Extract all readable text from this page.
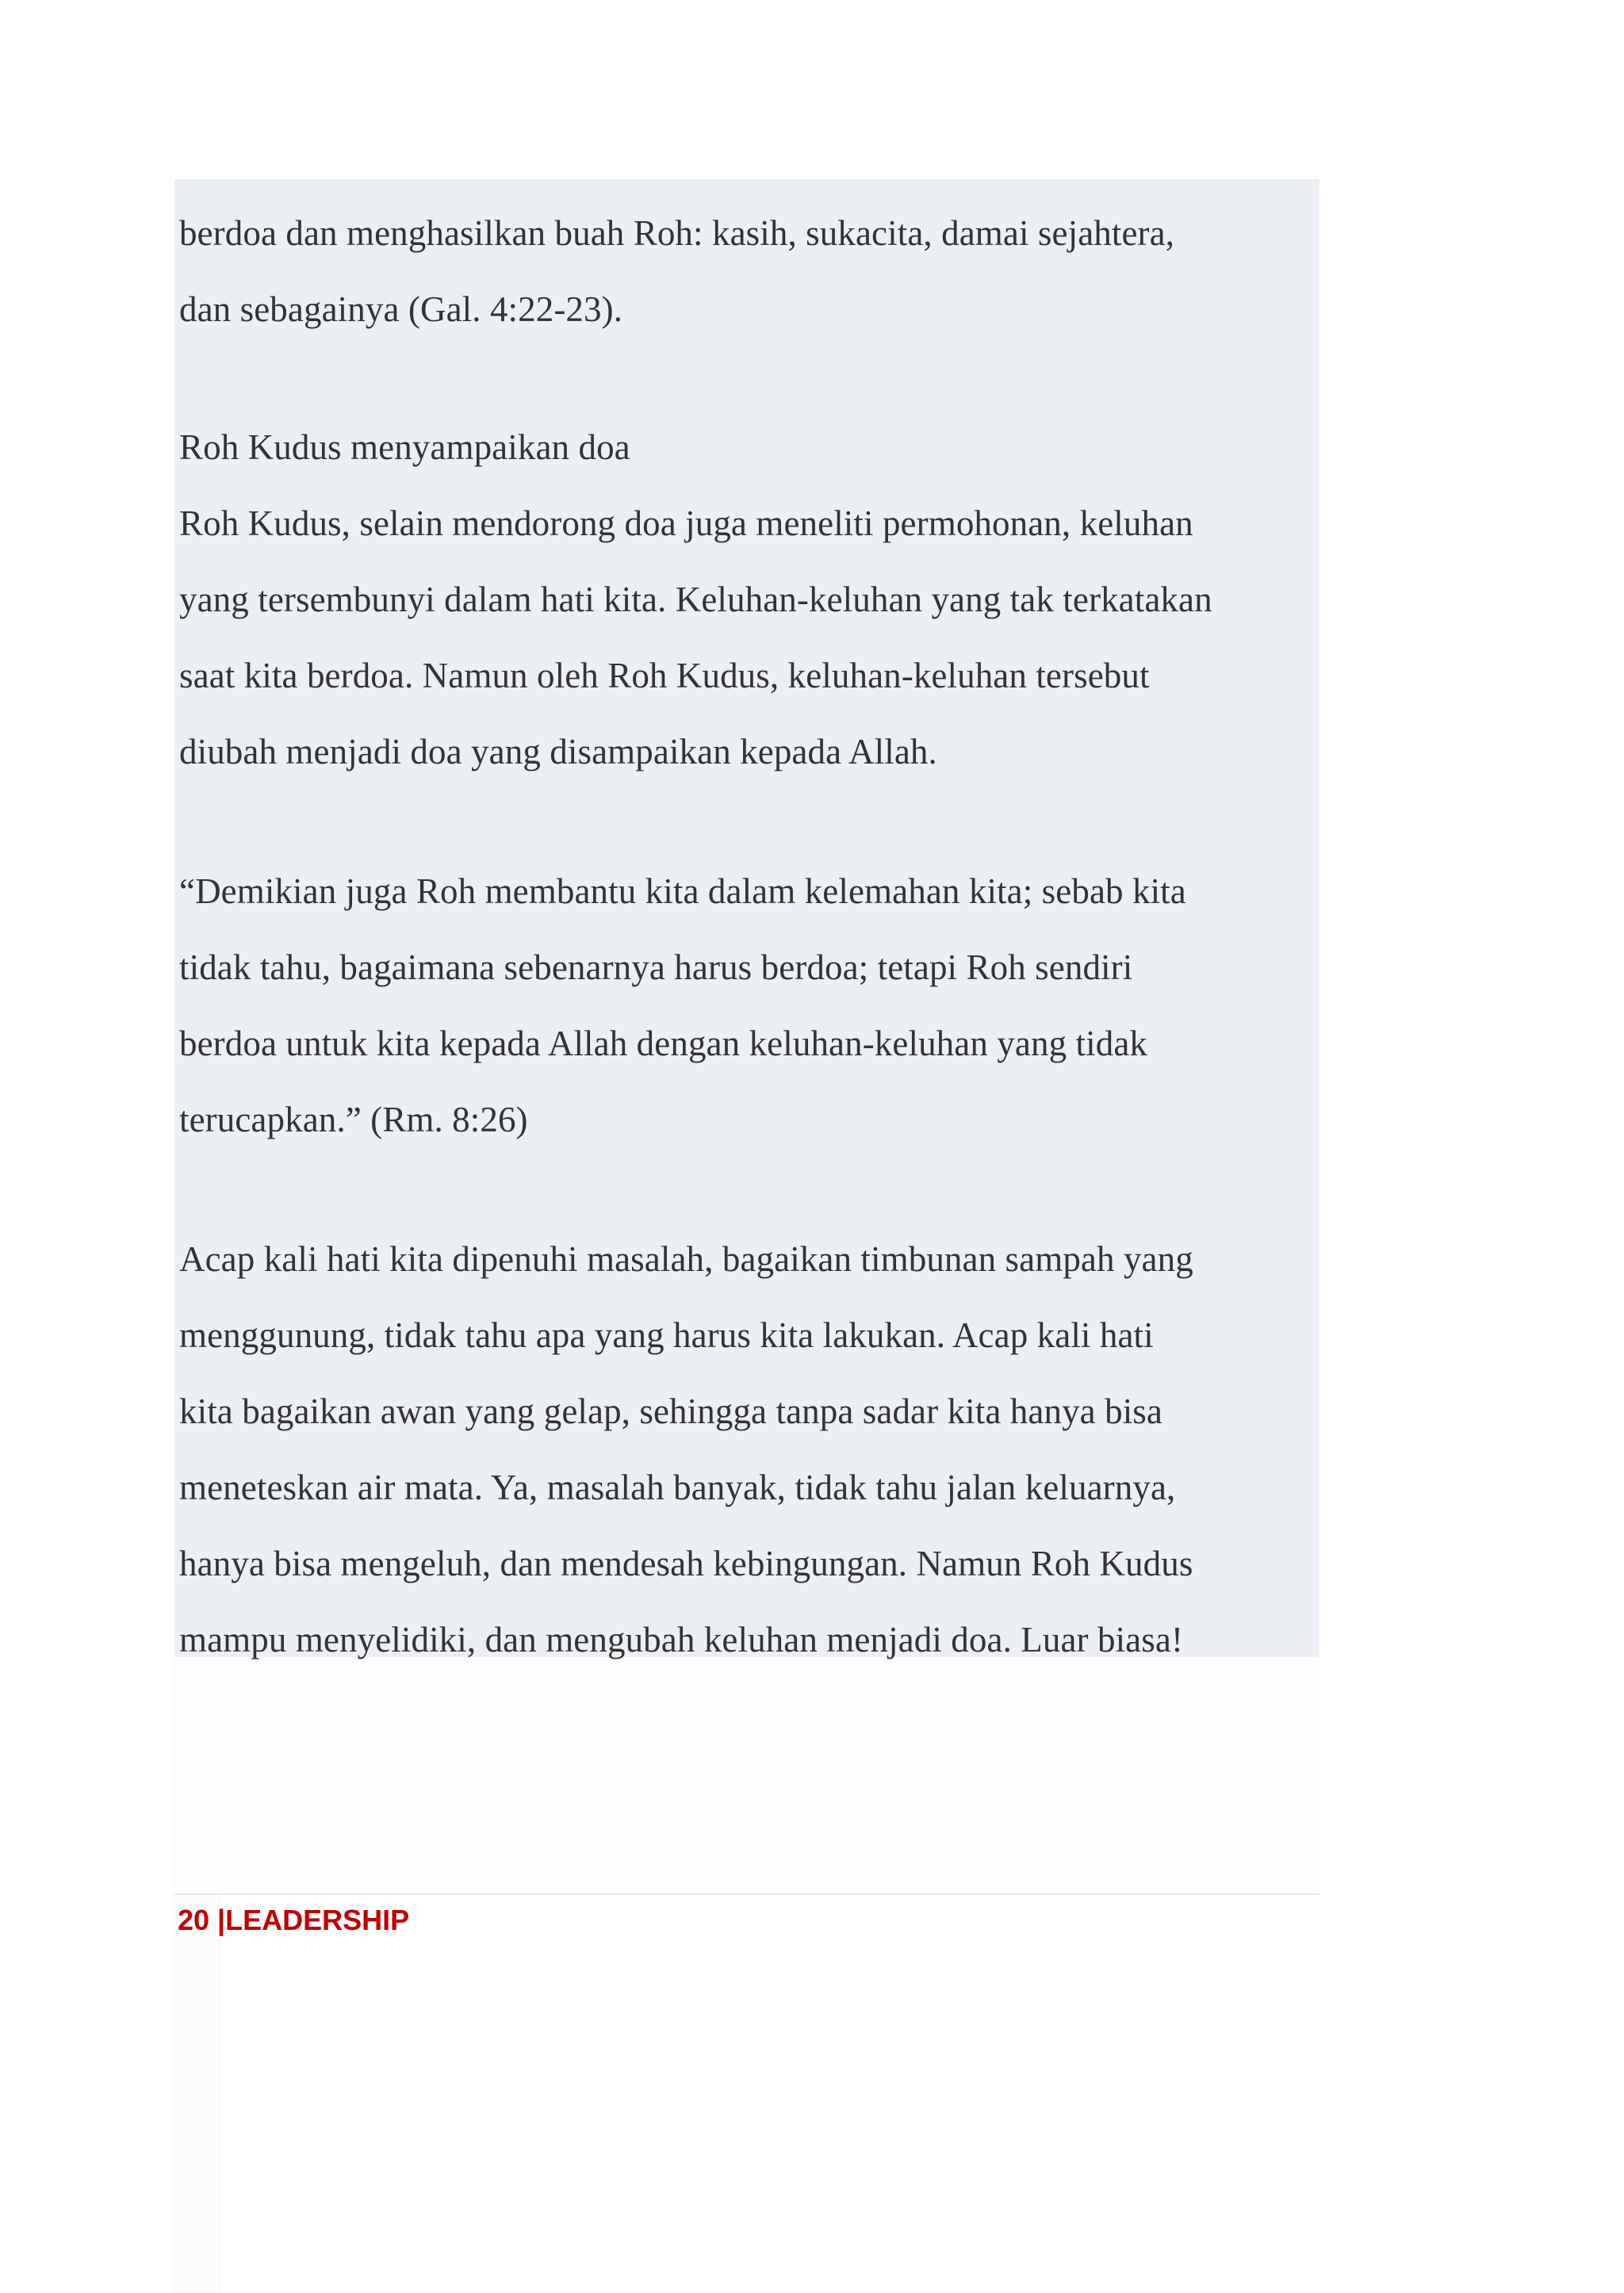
berdoa dan menghasilkan buah Roh: kasih, sukacita, damai sejahtera,
dan sebagainya (Gal. 4:22-23).
Roh Kudus menyampaikan doa
Roh Kudus, selain mendorong doa juga meneliti permohonan, keluhan
yang tersembunyi dalam hati kita. Keluhan-keluhan yang tak terkatakan
saat kita berdoa. Namun oleh Roh Kudus, keluhan-keluhan tersebut
diubah menjadi doa yang disampaikan kepada Allah.
“Demikian juga Roh membantu kita dalam kelemahan kita; sebab kita
tidak tahu, bagaimana sebenarnya harus berdoa; tetapi Roh sendiri
berdoa untuk kita kepada Allah dengan keluhan-keluhan yang tidak
terucapkan.” (Rm. 8:26)
Acap kali hati kita dipenuhi masalah, bagaikan timbunan sampah yang
menggunung, tidak tahu apa yang harus kita lakukan. Acap kali hati
kita bagaikan awan yang gelap, sehingga tanpa sadar kita hanya bisa
meneteskan air mata. Ya, masalah banyak, tidak tahu jalan keluarnya,
hanya bisa mengeluh, dan mendesah kebingungan. Namun Roh Kudus
mampu menyelidiki, dan mengubah keluhan menjadi doa. Luar biasa!
20 |LEADERSHIP
